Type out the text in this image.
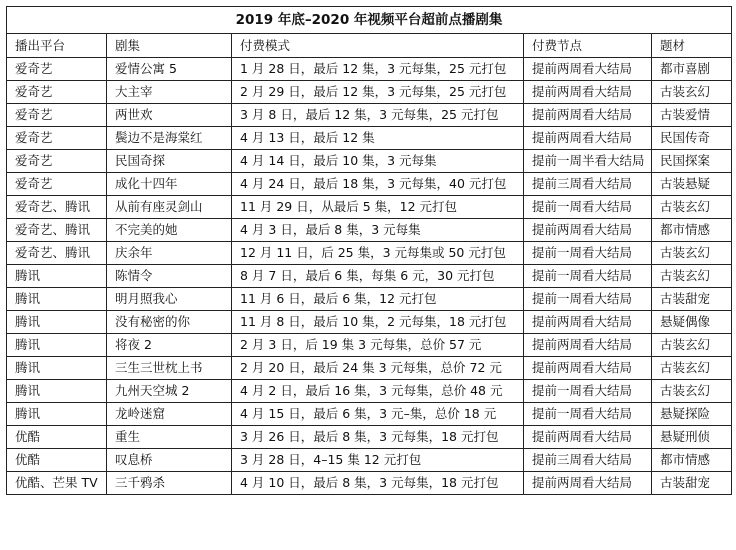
2019 年底–2020 年视频平台超前点播剧集				
播出平台	剧集	付费模式	付费节点	题材
爱奇艺	爱情公寓 5	1 月 28 日，最后 12 集，3 元每集，25 元打包	提前两周看大结局	都市喜剧
爱奇艺	大主宰	2 月 29 日，最后 12 集，3 元每集，25 元打包	提前两周看大结局	古装玄幻
爱奇艺	两世欢	3 月 8 日，最后 12 集，3 元每集，25 元打包	提前两周看大结局	古装爱情
爱奇艺	鬓边不是海棠红	4 月 13 日，最后 12 集	提前两周看大结局	民国传奇
爱奇艺	民国奇探	4 月 14 日，最后 10 集，3 元每集	提前一周半看大结局	民国探案
爱奇艺	成化十四年	4 月 24 日，最后 18 集，3 元每集，40 元打包	提前三周看大结局	古装悬疑
爱奇艺、腾讯	从前有座灵剑山	11 月 29 日，从最后 5 集，12 元打包	提前一周看大结局	古装玄幻
爱奇艺、腾讯	不完美的她	4 月 3 日，最后 8 集，3 元每集	提前两周看大结局	都市情感
爱奇艺、腾讯	庆余年	12 月 11 日，后 25 集，3 元每集或 50 元打包	提前一周看大结局	古装玄幻
腾讯	陈情令	8 月 7 日，最后 6 集，每集 6 元，30 元打包	提前一周看大结局	古装玄幻
腾讯	明月照我心	11 月 6 日，最后 6 集，12 元打包	提前一周看大结局	古装甜宠
腾讯	没有秘密的你	11 月 8 日，最后 10 集，2 元每集，18 元打包	提前两周看大结局	悬疑偶像
腾讯	将夜 2	2 月 3 日，后 19 集 3 元每集，总价 57 元	提前两周看大结局	古装玄幻
腾讯	三生三世枕上书	2 月 20 日，最后 24 集 3 元每集，总价 72 元	提前两周看大结局	古装玄幻
腾讯	九州天空城 2	4 月 2 日，最后 16 集，3 元每集，总价 48 元	提前一周看大结局	古装玄幻
腾讯	龙岭迷窟	4 月 15 日，最后 6 集，3 元–集，总价 18 元	提前一周看大结局	悬疑探险
优酷	重生	3 月 26 日，最后 8 集，3 元每集，18 元打包	提前两周看大结局	悬疑刑侦
优酷	叹息桥	3 月 28 日，4–15 集 12 元打包	提前三周看大结局	都市情感
优酷、芒果 TV	三千鸦杀	4 月 10 日，最后 8 集，3 元每集，18 元打包	提前两周看大结局	古装甜宠
